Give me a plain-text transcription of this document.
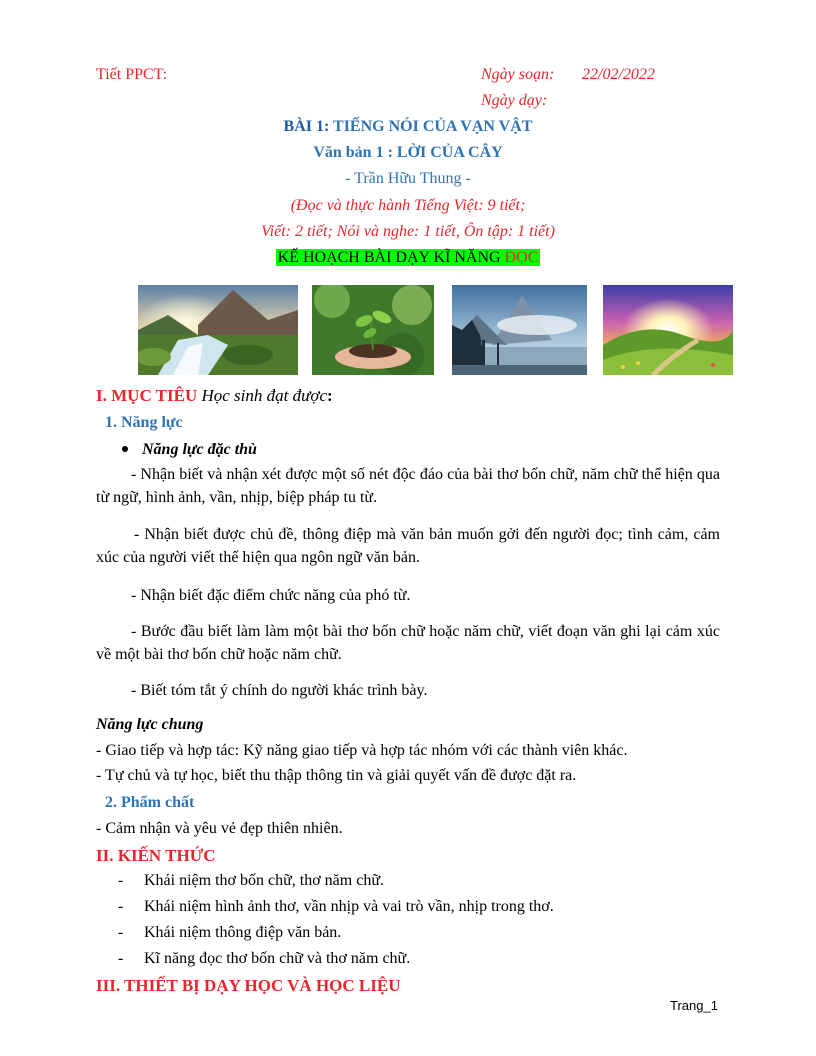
Tiết PPCT:	Ngày soạn: 22/02/2022
Ngày dạy:
BÀI 1: TIẾNG NÓI CỦA VẠN VẬT
Văn bản 1 : LỜI CỦA CÂY
- Trần Hữu Thung -
(Đọc và thực hành Tiếng Việt: 9 tiết;
Viết: 2 tiết; Nói và nghe: 1 tiết, Ôn tập: 1 tiết)
KẾ HOẠCH BÀI DẠY KĨ NĂNG ĐỌC
I. MỤC TIÊU Học sinh đạt được:
1. Năng lực
Năng lực đặc thù
- Nhận biết và nhận xét được một số nét độc đáo của bài thơ bốn chữ, năm chữ thể hiện qua từ ngữ, hình ảnh, vần, nhịp, biệp pháp tu từ.
- Nhận biết được chủ đề, thông điệp mà văn bản muốn gởi đến người đọc; tình cảm, cảm xúc của người viết thể hiện qua ngôn ngữ văn bản.
- Nhận biết đặc điểm chức năng của phó từ.
- Bước đầu biết làm làm một bài thơ bốn chữ hoặc năm chữ, viết đoạn văn ghi lại cảm xúc về một bài thơ bốn chữ hoặc năm chữ.
- Biết tóm tắt ý chính do người khác trình bày.
Năng lực chung
- Giao tiếp và hợp tác: Kỹ năng giao tiếp và hợp tác nhóm với các thành viên khác.
- Tự chủ và tự học, biết thu thập thông tin và giải quyết vấn đề được đặt ra.
2. Phẩm chất
- Cảm nhận và yêu vẻ đẹp thiên nhiên.
II. KIẾN THỨC
- Khái niệm thơ bốn chữ, thơ năm chữ.
- Khái niệm hình ảnh thơ, vần nhịp và vai trò vần, nhịp trong thơ.
- Khái niệm thông điệp văn bản.
- Kĩ năng đọc thơ bốn chữ và thơ năm chữ.
III. THIẾT BỊ DẠY HỌC VÀ HỌC LIỆU
Trang_1
